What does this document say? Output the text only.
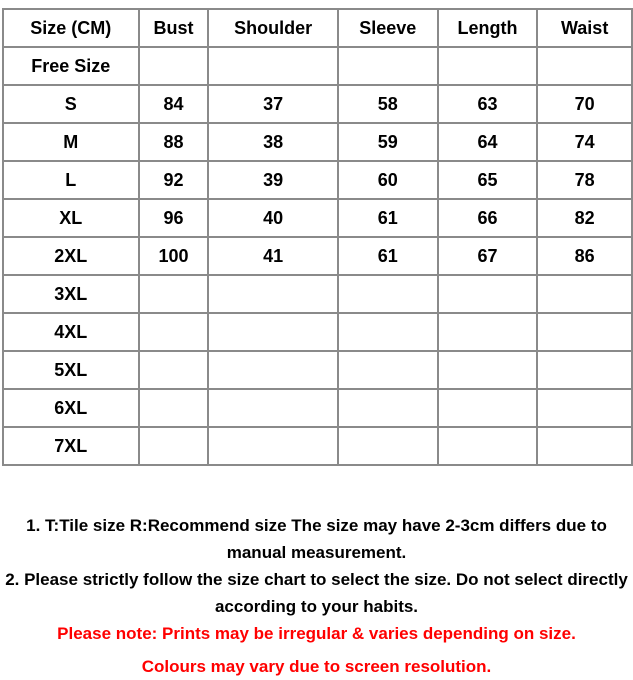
Size (CM)	Bust	Shoulder	Sleeve	Length	Waist
Free Size					
S	84	37	58	63	70
M	88	38	59	64	74
L	92	39	60	65	78
XL	96	40	61	66	82
2XL	100	41	61	67	86
3XL					
4XL					
5XL					
6XL					
7XL					

1. T:Tile size R:Recommend size The size may have 2-3cm differs due to manual measurement.

2. Please strictly follow the size chart to select the size. Do not select directly according to your habits.

Please note: Prints may be irregular & varies depending on size.

Colours may vary due to screen resolution.
